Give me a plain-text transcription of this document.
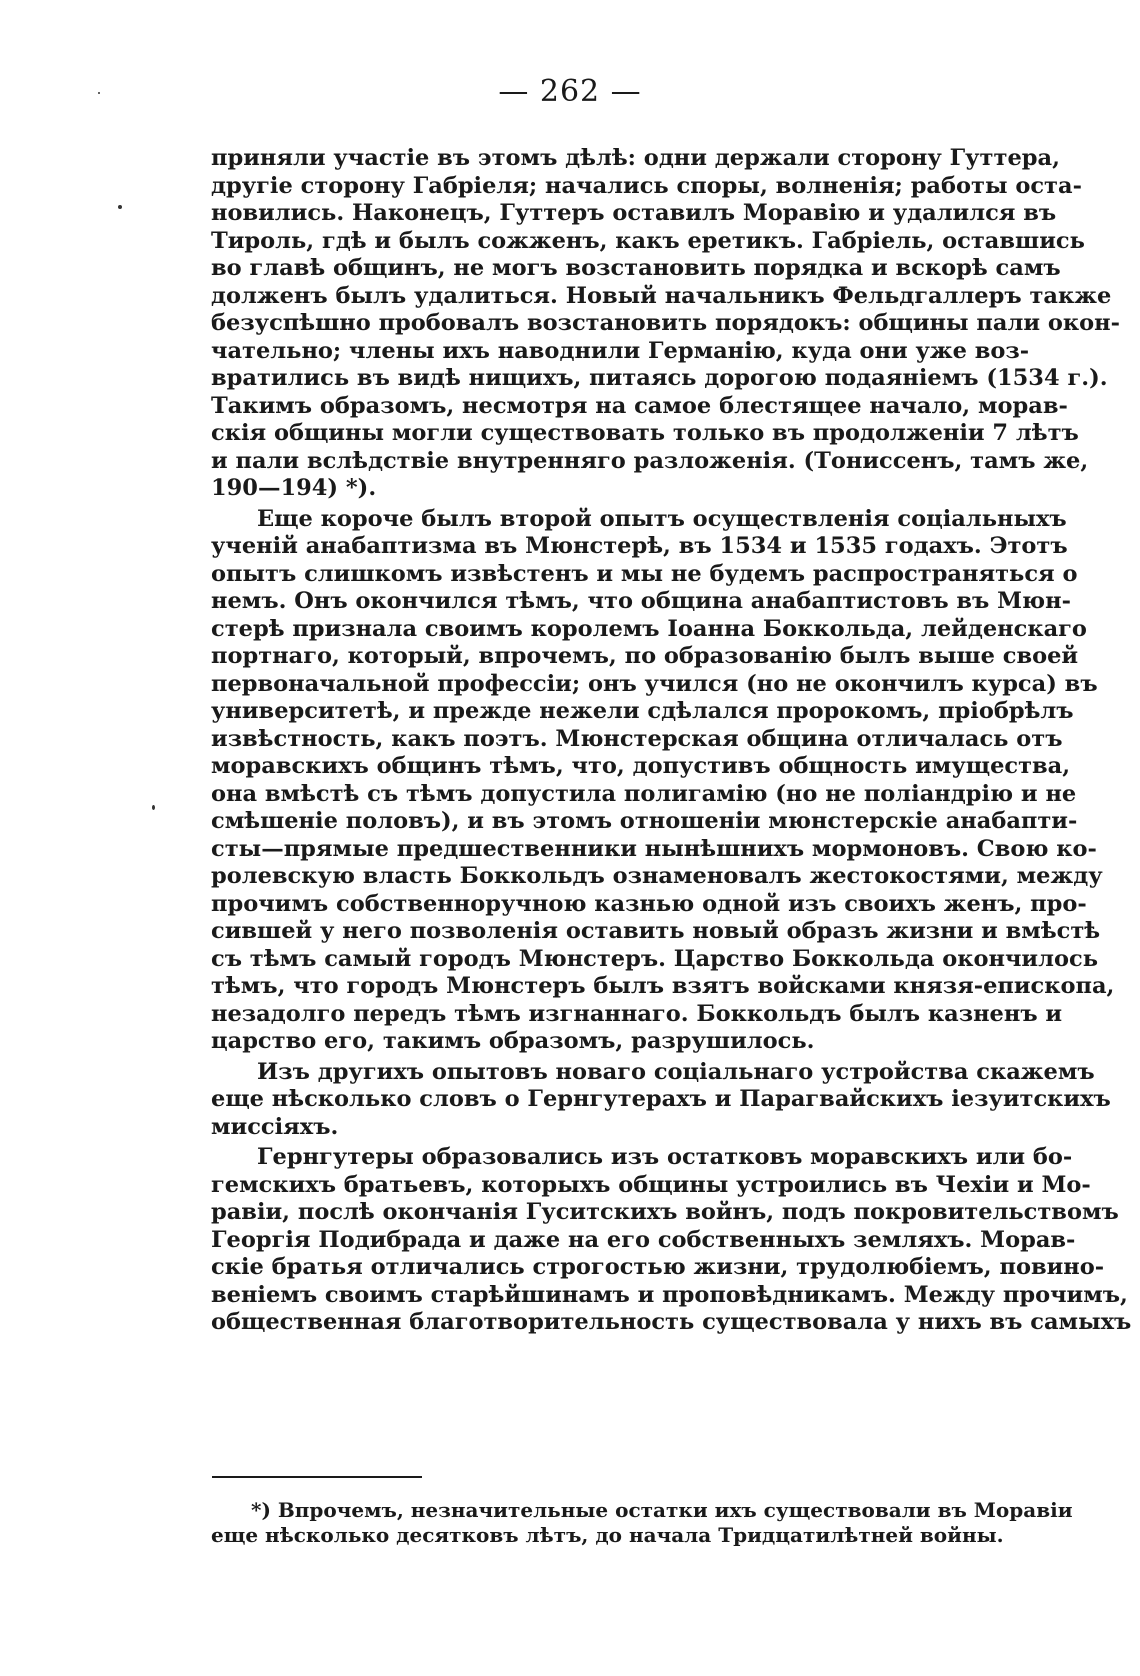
— 262 —
приняли участіе въ этомъ дѣлѣ: одни держали сторону Гуттера,
другіе сторону Габріеля; начались споры, волненія; работы оста-
новились. Наконецъ, Гуттеръ оставилъ Моравію и удалился въ
Тироль, гдѣ и былъ сожженъ, какъ еретикъ. Габріель, оставшись
во главѣ общинъ, не могъ возстановить порядка и вскорѣ самъ
долженъ былъ удалиться. Новый начальникъ Фельдгаллеръ также
безуспѣшно пробовалъ возстановить порядокъ: общины пали окон-
чательно; члены ихъ наводнили Германію, куда они уже воз-
вратились въ видѣ нищихъ, питаясь дорогою подаяніемъ (1534 г.).
Такимъ образомъ, несмотря на самое блестящее начало, морав-
скія общины могли существовать только въ продолженіи 7 лѣтъ
и пали вслѣдствіе внутренняго разложенія. (Тониссенъ, тамъ же,
190—194) *).
Еще короче былъ второй опытъ осуществленія соціальныхъ
ученій анабаптизма въ Мюнстерѣ, въ 1534 и 1535 годахъ. Этотъ
опытъ слишкомъ извѣстенъ и мы не будемъ распространяться о
немъ. Онъ окончился тѣмъ, что община анабаптистовъ въ Мюн-
стерѣ признала своимъ королемъ Іоанна Боккольда, лейденскаго
портнаго, который, впрочемъ, по образованію былъ выше своей
первоначальной профессіи; онъ учился (но не окончилъ курса) въ
университетѣ, и прежде нежели сдѣлался пророкомъ, пріобрѣлъ
извѣстность, какъ поэтъ. Мюнстерская община отличалась отъ
моравскихъ общинъ тѣмъ, что, допустивъ общность имущества,
она вмѣстѣ съ тѣмъ допустила полигамію (но не поліандрію и не
смѣшеніе половъ), и въ этомъ отношеніи мюнстерскіе анабапти-
сты—прямые предшественники нынѣшнихъ мормоновъ. Свою ко-
ролевскую власть Боккольдъ ознаменовалъ жестокостями, между
прочимъ собственноручною казнью одной изъ своихъ женъ, про-
сившей у него позволенія оставить новый образъ жизни и вмѣстѣ
съ тѣмъ самый городъ Мюнстеръ. Царство Боккольда окончилось
тѣмъ, что городъ Мюнстеръ былъ взятъ войсками князя-епископа,
незадолго передъ тѣмъ изгнаннаго. Боккольдъ былъ казненъ и
царство его, такимъ образомъ, разрушилось.
Изъ другихъ опытовъ новаго соціальнаго устройства скажемъ
еще нѣсколько словъ о Гернгутерахъ и Парагвайскихъ іезуитскихъ
миссіяхъ.
Гернгутеры образовались изъ остатковъ моравскихъ или бо-
гемскихъ братьевъ, которыхъ общины устроились въ Чехіи и Мо-
равіи, послѣ окончанія Гуситскихъ войнъ, подъ покровительствомъ
Георгія Подибрада и даже на его собственныхъ земляхъ. Морав-
скіе братья отличались строгостью жизни, трудолюбіемъ, повино-
веніемъ своимъ старѣйшинамъ и проповѣдникамъ. Между прочимъ,
общественная благотворительность существовала у нихъ въ самыхъ
*) Впрочемъ, незначительные остатки ихъ существовали въ Моравіи
еще нѣсколько десятковъ лѣтъ, до начала Тридцатилѣтней войны.
